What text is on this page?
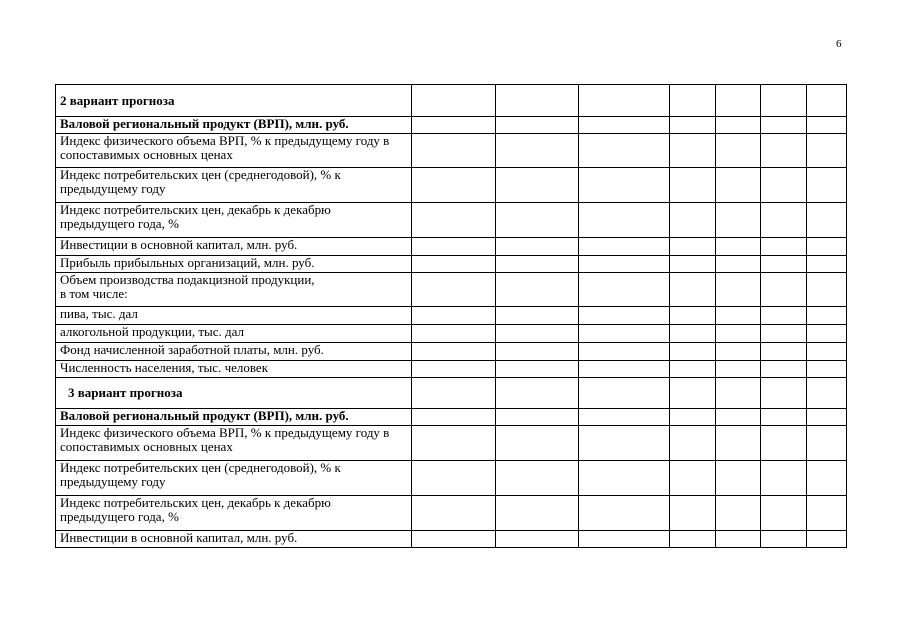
6
2 вариант прогноза							
Валовой региональный продукт (ВРП), млн. руб.							
Индекс физического объема ВРП, % к предыдущему году в сопоставимых основных ценах							
Индекс потребительских цен (среднегодовой), % к предыдущему году							
Индекс потребительских цен, декабрь к декабрю предыдущего года, %							
Инвестиции в основной капитал, млн. руб.							
Прибыль прибыльных организаций, млн. руб.							
Объем производства подакцизной продукции,
в том числе:							
пива, тыс. дал							
алкогольной продукции, тыс. дал							
Фонд начисленной заработной платы, млн. руб.							
Численность населения, тыс. человек							
3 вариант прогноза							
Валовой региональный продукт (ВРП), млн. руб.							
Индекс физического объема ВРП, % к предыдущему году в сопоставимых основных ценах							
Индекс потребительских цен (среднегодовой), % к предыдущему году							
Индекс потребительских цен, декабрь к декабрю предыдущего года, %							
Инвестиции в основной капитал, млн. руб.							
